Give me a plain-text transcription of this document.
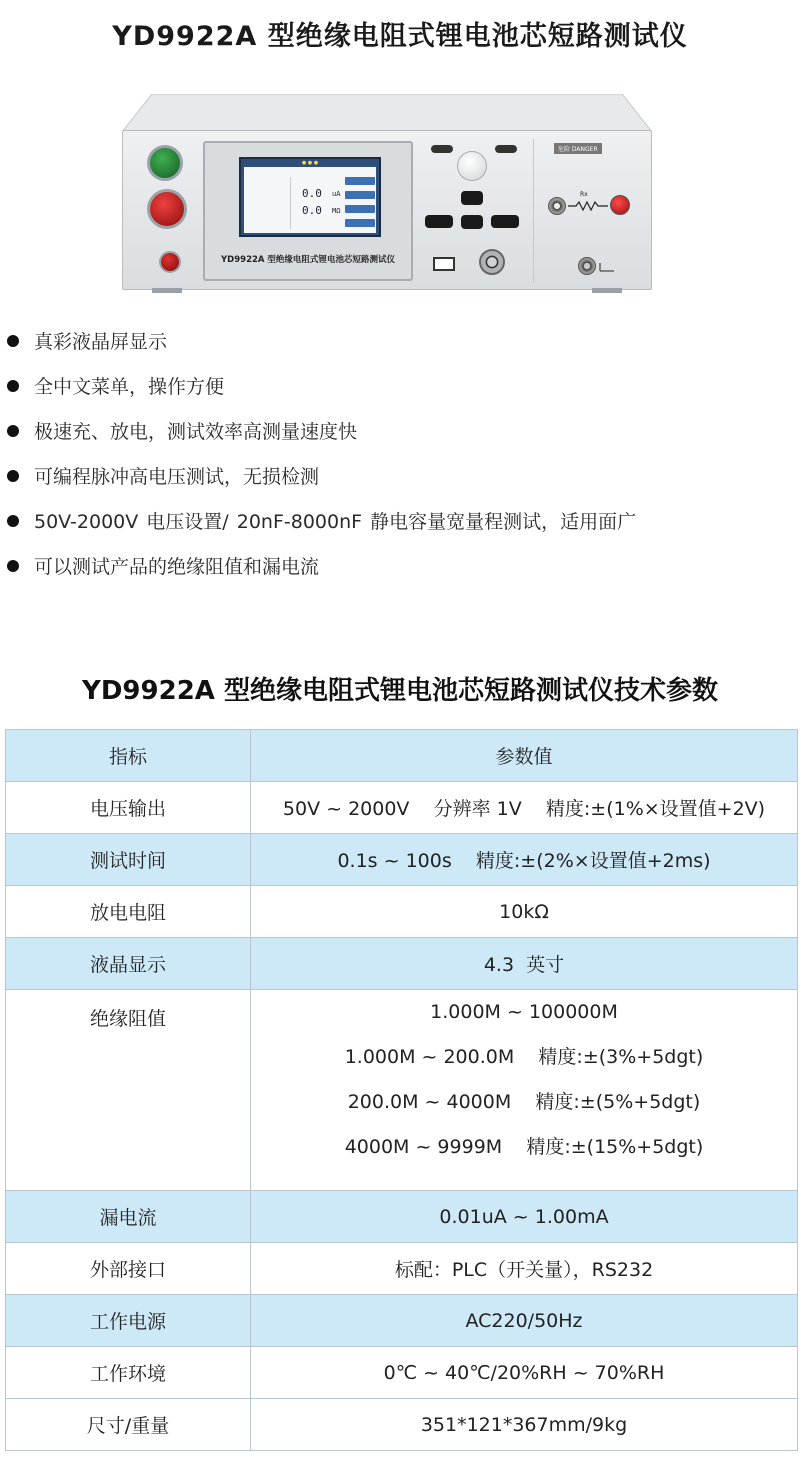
YD9922A 型绝缘电阻式锂电池芯短路测试仪
● ● ●
0.0 uA
0.0 MΩ
YD9922A 型绝缘电阻式锂电池芯短路测试仪
危险 DANGER
Rx
真彩液晶屏显示
全中文菜单，操作方便
极速充、放电，测试效率高测量速度快
可编程脉冲高电压测试，无损检测
50V-2000V 电压设置/ 20nF-8000nF 静电容量宽量程测试，适用面广
可以测试产品的绝缘阻值和漏电流
YD9922A 型绝缘电阻式锂电池芯短路测试仪技术参数
指标	参数值
电压输出	50V ~ 2000V    分辨率 1V    精度:±(1%×设置值+2V)
测试时间	0.1s ~ 100s    精度:±(2%×设置值+2ms)
放电电阻	10kΩ
液晶显示	4.3  英寸
绝缘阻值	1.000M ~ 100000M
1.000M ~ 200.0M    精度:±(3%+5dgt)
200.0M ~ 4000M    精度:±(5%+5dgt)
4000M ~ 9999M    精度:±(15%+5dgt)

漏电流	0.01uA ~ 1.00mA
外部接口	标配：PLC（开关量），RS232
工作电源	AC220/50Hz
工作环境	0℃ ~ 40℃/20%RH ~ 70%RH
尺寸/重量	351*121*367mm/9kg
